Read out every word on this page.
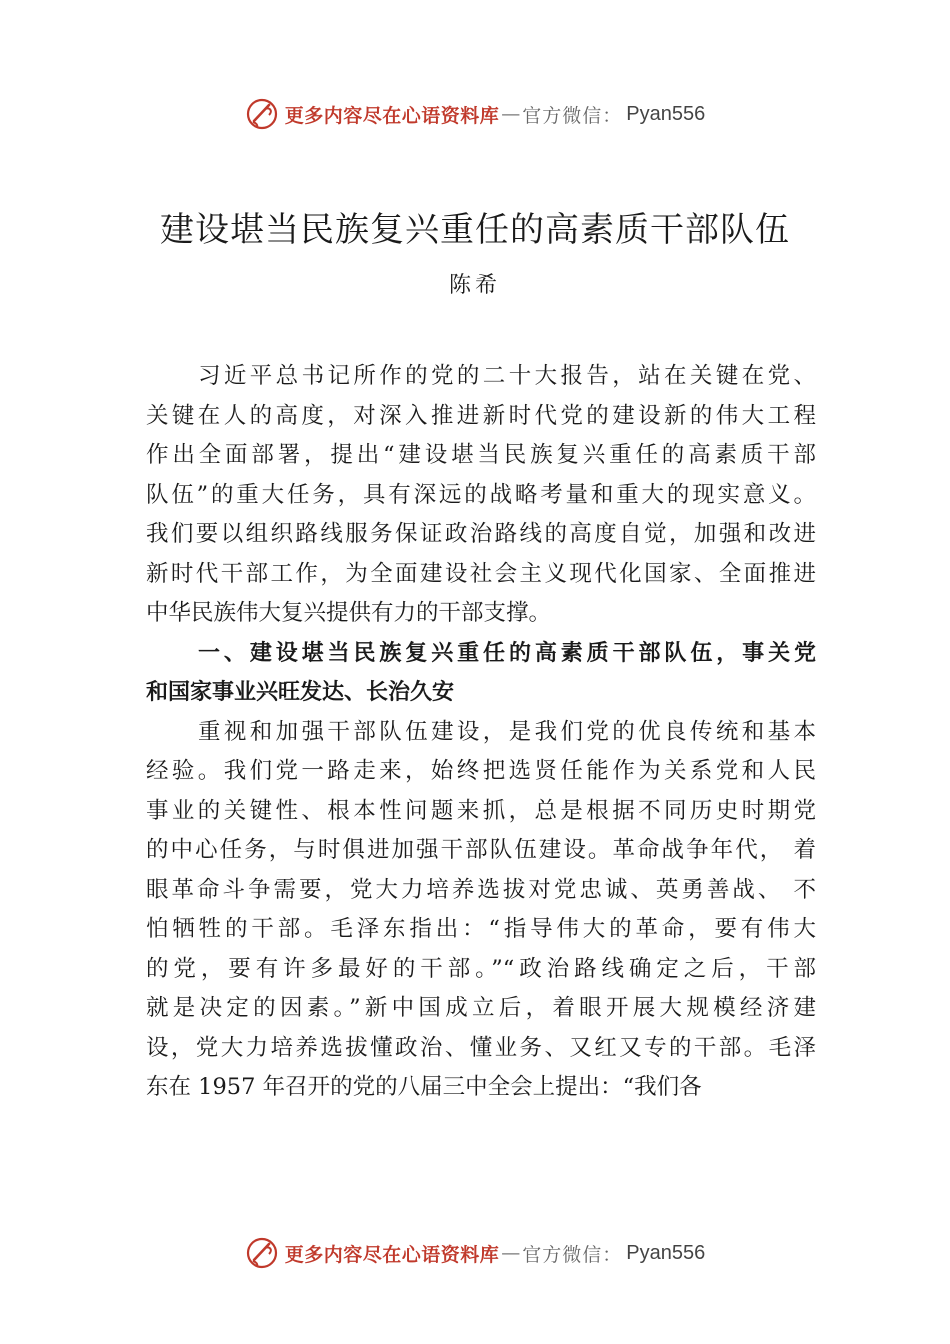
更多内容尽在心语资料库 — 官方微信： Pyan556
建设堪当民族复兴重任的高素质干部队伍
陈希
习近平总书记所作的党的二十大报告，站在关键在党、
关键在人的高度，对深入推进新时代党的建设新的伟大工程
作出全面部署，提出“建设堪当民族复兴重任的高素质干部
队伍”的重大任务，具有深远的战略考量和重大的现实意义。
我们要以组织路线服务保证政治路线的高度自觉，加强和改进
新时代干部工作，为全面建设社会主义现代化国家、全面推进
中华民族伟大复兴提供有力的干部支撑。
一、建设堪当民族复兴重任的高素质干部队伍，事关党
和国家事业兴旺发达、长治久安
重视和加强干部队伍建设，是我们党的优良传统和基本
经验。我们党一路走来，始终把选贤任能作为关系党和人民
事业的关键性、根本性问题来抓，总是根据不同历史时期党
的中心任务，与时俱进加强干部队伍建设。革命战争年代， 着
眼革命斗争需要，党大力培养选拔对党忠诚、英勇善战、 不
怕牺牲的干部。毛泽东指出：“指导伟大的革命，要有伟大
的党，要有许多最好的干部。”“政治路线确定之后，干部
就是决定的因素。”新中国成立后，着眼开展大规模经济建
设，党大力培养选拔懂政治、懂业务、又红又专的干部。毛泽
东在 1957 年召开的党的八届三中全会上提出：“我们各
更多内容尽在心语资料库 — 官方微信： Pyan556
